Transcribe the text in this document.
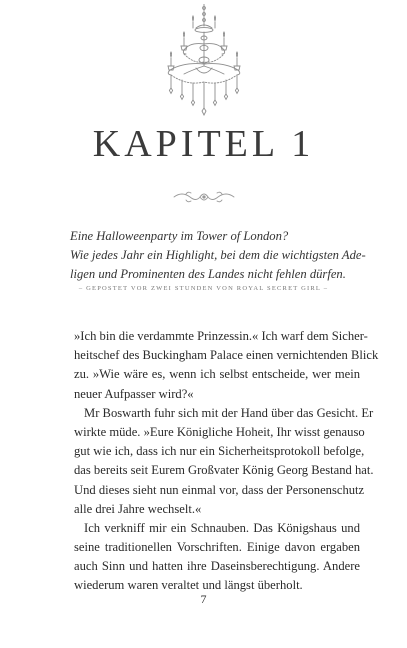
KAPITEL 1

Eine Halloweenparty im Tower of London?

Wie jedes Jahr ein Highlight, bei dem die wichtigsten Ade-

ligen und Prominenten des Landes nicht fehlen dürfen.

– GEPOSTET VOR ZWEI STUNDEN VON ROYAL SECRET GIRL –
»Ich bin die verdammte Prinzessin.« Ich warf dem Sicher-
heitschef des Buckingham Palace einen vernichtenden Blick
zu. »Wie wäre es, wenn ich selbst entscheide, wer mein
neuer Aufpasser wird?«
Mr Boswarth fuhr sich mit der Hand über das Gesicht. Er
wirkte müde. »Eure Königliche Hoheit, Ihr wisst genauso
gut wie ich, dass ich nur ein Sicherheitsprotokoll befolge,
das bereits seit Eurem Großvater König Georg Bestand hat.
Und dieses sieht nun einmal vor, dass der Personenschutz
alle drei Jahre wechselt.«
Ich verkniff mir ein Schnauben. Das Königshaus und
seine traditionellen Vorschriften. Einige davon ergaben
auch Sinn und hatten ihre Daseinsberechtigung. Andere
wiederum waren veraltet und längst überholt.
7
